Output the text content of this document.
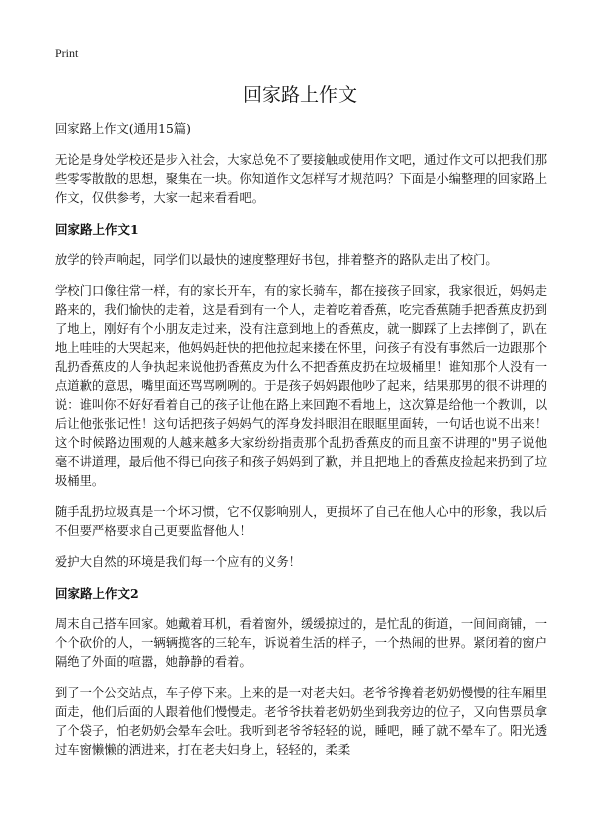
Print
回家路上作文

回家路上作文(通用15篇)

无论是身处学校还是步入社会，大家总免不了要接触或使用作文吧，通过作文可以把我们那些零零散散的思想，聚集在一块。你知道作文怎样写才规范吗？下面是小编整理的回家路上作文，仅供参考，大家一起来看看吧。

回家路上作文1

放学的铃声响起，同学们以最快的速度整理好书包，排着整齐的路队走出了校门。

学校门口像往常一样，有的家长开车，有的家长骑车，都在接孩子回家，我家很近，妈妈走路来的，我们愉快的走着，这是看到有一个人，走着吃着香蕉，吃完香蕉随手把香蕉皮扔到了地上，刚好有个小朋友走过来，没有注意到地上的香蕉皮，就一脚踩了上去摔倒了，趴在地上哇哇的大哭起来，他妈妈赶快的把他拉起来搂在怀里，问孩子有没有事然后一边跟那个乱扔香蕉皮的人争执起来说他扔香蕉皮为什么不把香蕉皮扔在垃圾桶里！谁知那个人没有一点道歉的意思，嘴里面还骂骂咧咧的。于是孩子妈妈跟他吵了起来，结果那男的很不讲理的说：谁叫你不好好看着自己的孩子让他在路上来回跑不看地上，这次算是给他一个教训，以后让他张张记性！这句话把孩子妈妈气的浑身发抖眼泪在眼眶里面转，一句话也说不出来！这个时候路边围观的人越来越多大家纷纷指责那个乱扔香蕉皮的而且蛮不讲理的"男子说他毫不讲道理，最后他不得已向孩子和孩子妈妈到了歉，并且把地上的香蕉皮捡起来扔到了垃圾桶里。

随手乱扔垃圾真是一个坏习惯，它不仅影响别人，更损坏了自己在他人心中的形象，我以后不但要严格要求自己更要监督他人！

爱护大自然的环境是我们每一个应有的义务！

回家路上作文2

周末自己搭车回家。她戴着耳机，看着窗外，缓缓掠过的，是忙乱的街道，一间间商铺，一个个砍价的人，一辆辆揽客的三轮车，诉说着生活的样子，一个热闹的世界。紧闭着的窗户隔绝了外面的喧嚣，她静静的看着。

到了一个公交站点，车子停下来。上来的是一对老夫妇。老爷爷搀着老奶奶慢慢的往车厢里面走，他们后面的人跟着他们慢慢走。老爷爷扶着老奶奶坐到我旁边的位子，又向售票员拿了个袋子，怕老奶奶会晕车会吐。我听到老爷爷轻轻的说，睡吧，睡了就不晕车了。阳光透过车窗懒懒的洒进来，打在老夫妇身上，轻轻的，柔柔
